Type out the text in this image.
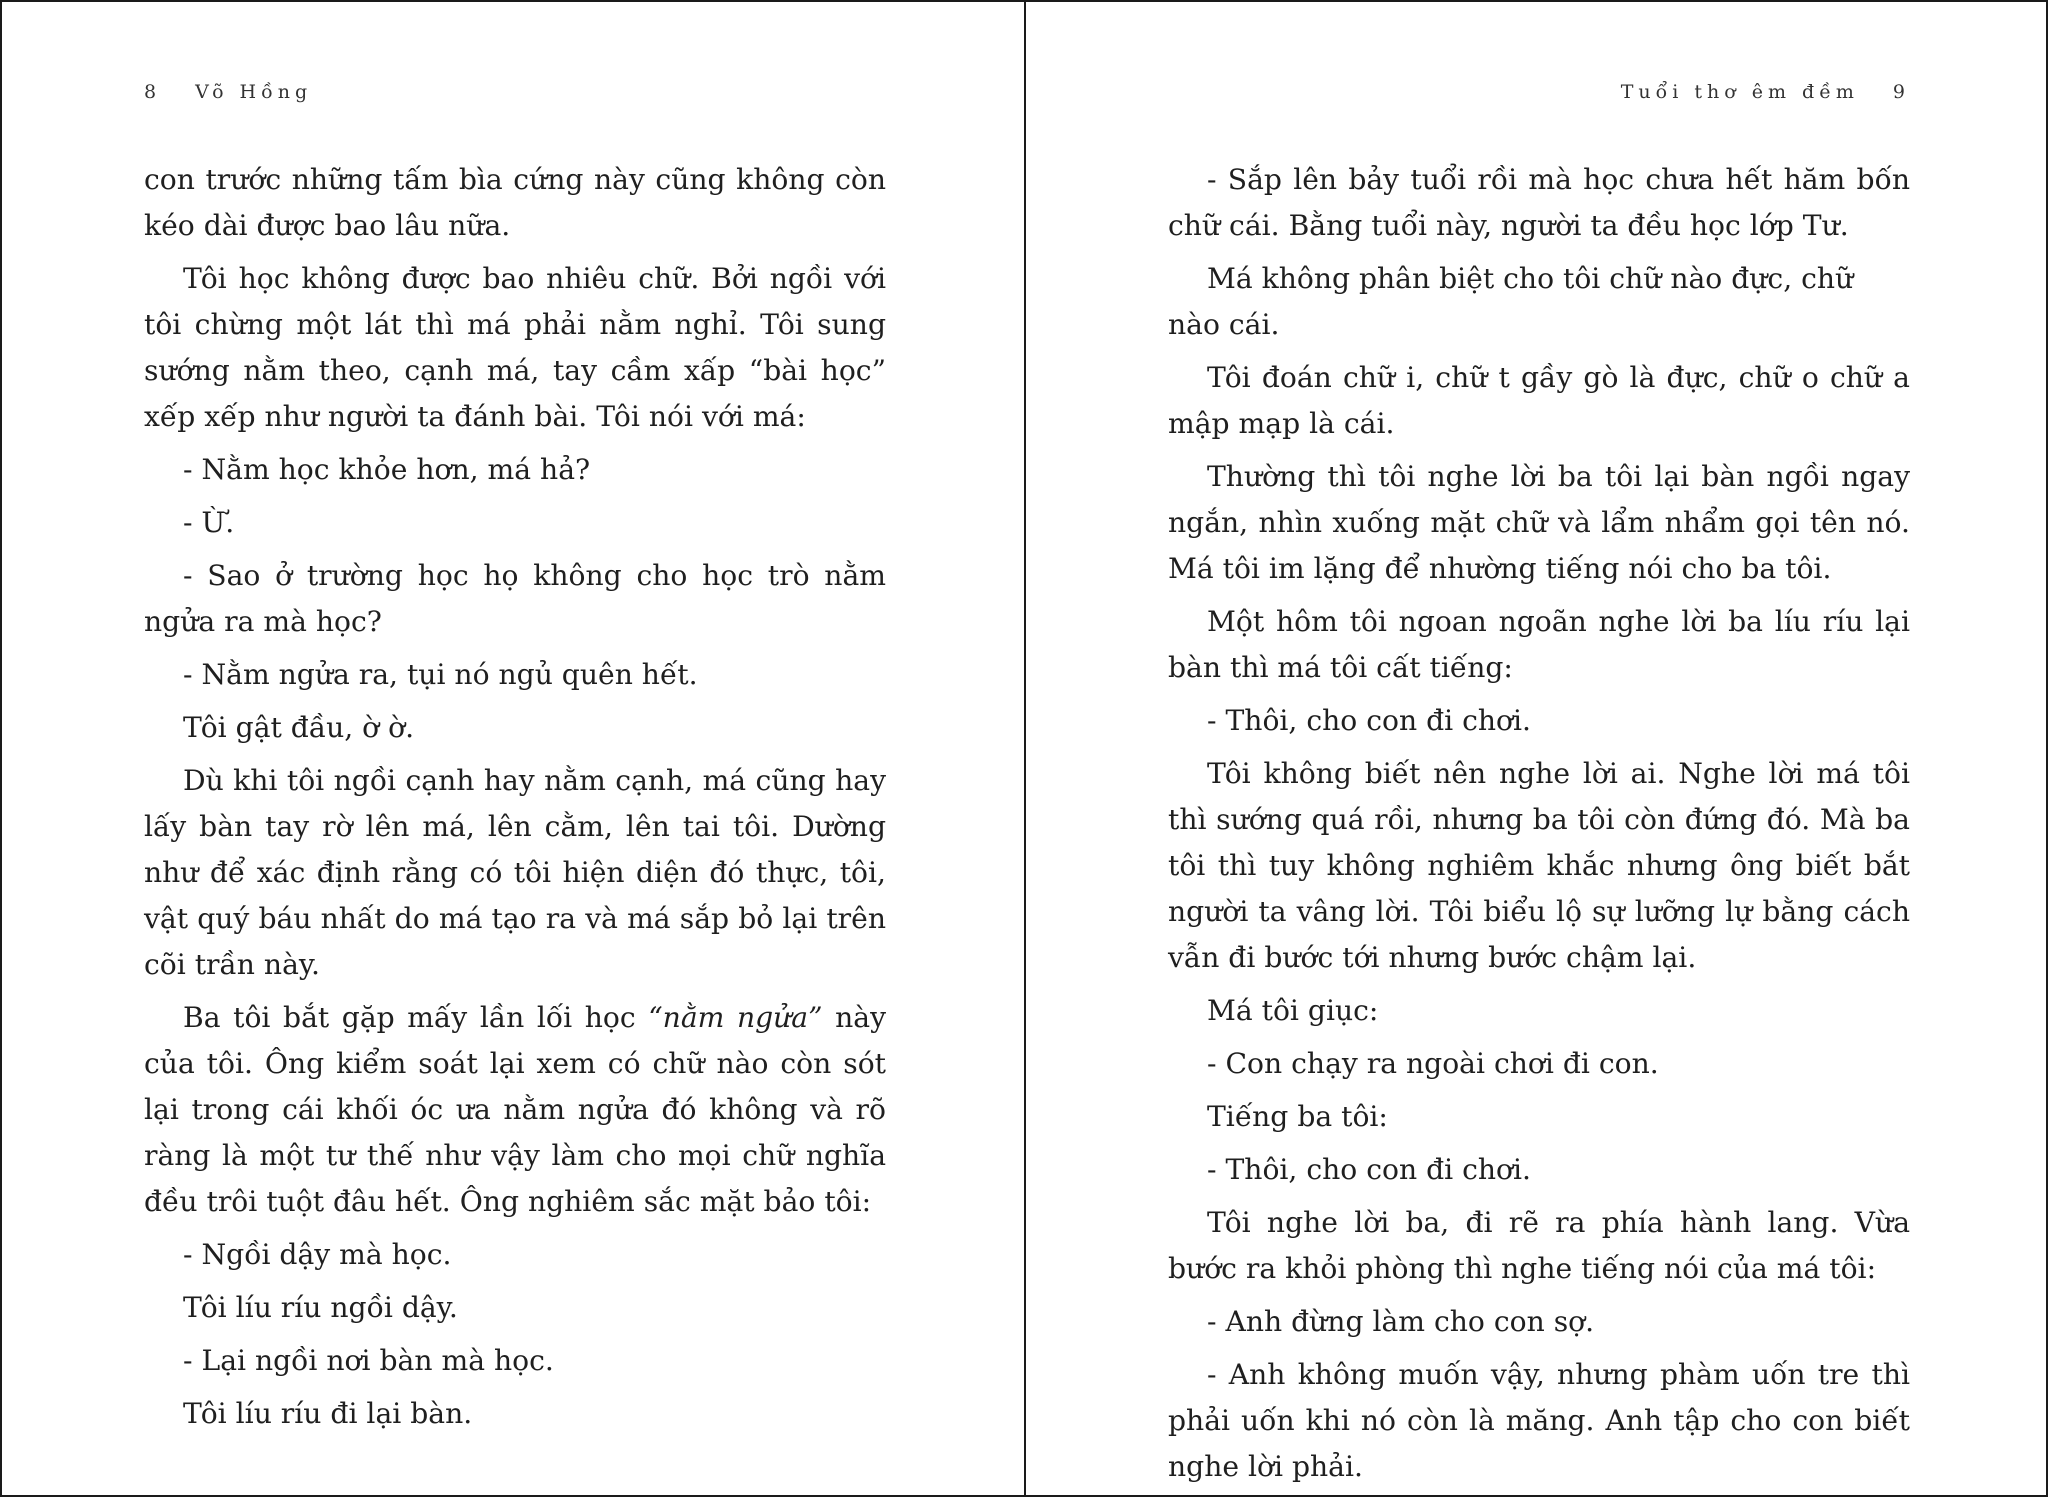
8 Võ Hồng

con trước những tấm bìa cứng này cũng không còn kéo dài được bao lâu nữa.

Tôi học không được bao nhiêu chữ. Bởi ngồi với tôi chừng một lát thì má phải nằm nghỉ. Tôi sung sướng nằm theo, cạnh má, tay cầm xấp “bài học” xếp xếp như người ta đánh bài. Tôi nói với má:

- Nằm học khỏe hơn, má hả?

- Ừ.

- Sao ở trường học họ không cho học trò nằm ngửa ra mà học?

- Nằm ngửa ra, tụi nó ngủ quên hết.

Tôi gật đầu, ờ ờ.

Dù khi tôi ngồi cạnh hay nằm cạnh, má cũng hay lấy bàn tay rờ lên má, lên cằm, lên tai tôi. Dường như để xác định rằng có tôi hiện diện đó thực, tôi, vật quý báu nhất do má tạo ra và má sắp bỏ lại trên cõi trần này.

Ba tôi bắt gặp mấy lần lối học “nằm ngửa” này của tôi. Ông kiểm soát lại xem có chữ nào còn sót lại trong cái khối óc ưa nằm ngửa đó không và rõ ràng là một tư thế như vậy làm cho mọi chữ nghĩa đều trôi tuột đâu hết. Ông nghiêm sắc mặt bảo tôi:

- Ngồi dậy mà học.

Tôi líu ríu ngồi dậy.

- Lại ngồi nơi bàn mà học.

Tôi líu ríu đi lại bàn.

Tuổi thơ êm đềm 9

- Sắp lên bảy tuổi rồi mà học chưa hết hăm bốn chữ cái. Bằng tuổi này, người ta đều học lớp Tư.

Má không phân biệt cho tôi chữ nào đực, chữ nào cái.

Tôi đoán chữ i, chữ t gầy gò là đực, chữ o chữ a mập mạp là cái.

Thường thì tôi nghe lời ba tôi lại bàn ngồi ngay ngắn, nhìn xuống mặt chữ và lẩm nhẩm gọi tên nó. Má tôi im lặng để nhường tiếng nói cho ba tôi.

Một hôm tôi ngoan ngoãn nghe lời ba líu ríu lại bàn thì má tôi cất tiếng:

- Thôi, cho con đi chơi.

Tôi không biết nên nghe lời ai. Nghe lời má tôi thì sướng quá rồi, nhưng ba tôi còn đứng đó. Mà ba tôi thì tuy không nghiêm khắc nhưng ông biết bắt người ta vâng lời. Tôi biểu lộ sự lưỡng lự bằng cách vẫn đi bước tới nhưng bước chậm lại.

Má tôi giục:

- Con chạy ra ngoài chơi đi con.

Tiếng ba tôi:

- Thôi, cho con đi chơi.

Tôi nghe lời ba, đi rẽ ra phía hành lang. Vừa bước ra khỏi phòng thì nghe tiếng nói của má tôi:

- Anh đừng làm cho con sợ.

- Anh không muốn vậy, nhưng phàm uốn tre thì phải uốn khi nó còn là măng. Anh tập cho con biết nghe lời phải.
